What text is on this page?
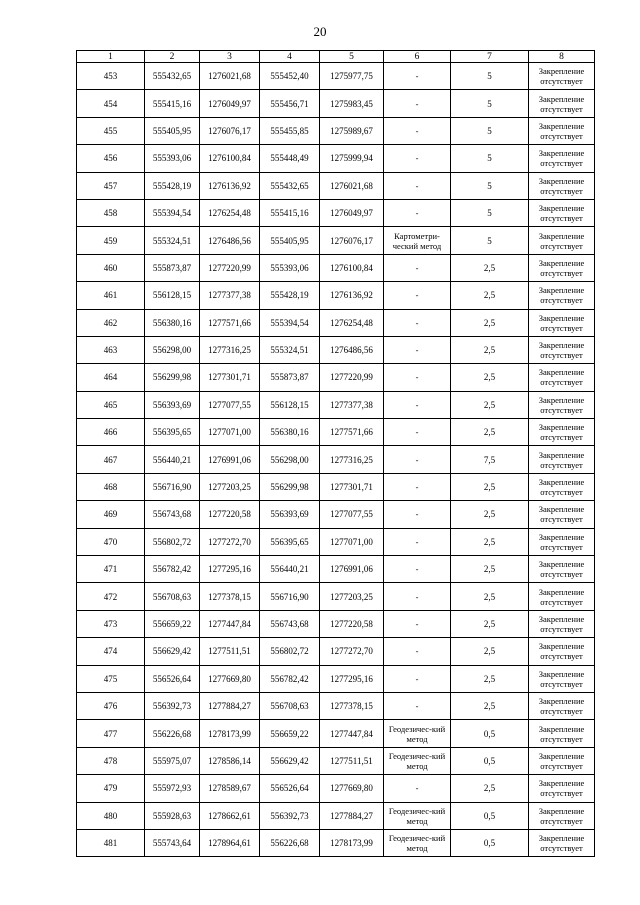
20
1	2	3	4	5	6	7	8
453	555432,65	1276021,68	555452,40	1275977,75	-	5	Закрепление отсутствует
454	555415,16	1276049,97	555456,71	1275983,45	-	5	Закрепление отсутствует
455	555405,95	1276076,17	555455,85	1275989,67	-	5	Закрепление отсутствует
456	555393,06	1276100,84	555448,49	1275999,94	-	5	Закрепление отсутствует
457	555428,19	1276136,92	555432,65	1276021,68	-	5	Закрепление отсутствует
458	555394,54	1276254,48	555415,16	1276049,97	-	5	Закрепление отсутствует
459	555324,51	1276486,56	555405,95	1276076,17	Картометри-ческий метод	5	Закрепление отсутствует
460	555873,87	1277220,99	555393,06	1276100,84	-	2,5	Закрепление отсутствует
461	556128,15	1277377,38	555428,19	1276136,92	-	2,5	Закрепление отсутствует
462	556380,16	1277571,66	555394,54	1276254,48	-	2,5	Закрепление отсутствует
463	556298,00	1277316,25	555324,51	1276486,56	-	2,5	Закрепление отсутствует
464	556299,98	1277301,71	555873,87	1277220,99	-	2,5	Закрепление отсутствует
465	556393,69	1277077,55	556128,15	1277377,38	-	2,5	Закрепление отсутствует
466	556395,65	1277071,00	556380,16	1277571,66	-	2,5	Закрепление отсутствует
467	556440,21	1276991,06	556298,00	1277316,25	-	7,5	Закрепление отсутствует
468	556716,90	1277203,25	556299,98	1277301,71	-	2,5	Закрепление отсутствует
469	556743,68	1277220,58	556393,69	1277077,55	-	2,5	Закрепление отсутствует
470	556802,72	1277272,70	556395,65	1277071,00	-	2,5	Закрепление отсутствует
471	556782,42	1277295,16	556440,21	1276991,06	-	2,5	Закрепление отсутствует
472	556708,63	1277378,15	556716,90	1277203,25	-	2,5	Закрепление отсутствует
473	556659,22	1277447,84	556743,68	1277220,58	-	2,5	Закрепление отсутствует
474	556629,42	1277511,51	556802,72	1277272,70	-	2,5	Закрепление отсутствует
475	556526,64	1277669,80	556782,42	1277295,16	-	2,5	Закрепление отсутствует
476	556392,73	1277884,27	556708,63	1277378,15	-	2,5	Закрепление отсутствует
477	556226,68	1278173,99	556659,22	1277447,84	Геодезичес-кий метод	0,5	Закрепление отсутствует
478	555975,07	1278586,14	556629,42	1277511,51	Геодезичес-кий метод	0,5	Закрепление отсутствует
479	555972,93	1278589,67	556526,64	1277669,80	-	2,5	Закрепление отсутствует
480	555928,63	1278662,61	556392,73	1277884,27	Геодезичес-кий метод	0,5	Закрепление отсутствует
481	555743,64	1278964,61	556226,68	1278173,99	Геодезичес-кий метод	0,5	Закрепление отсутствует
